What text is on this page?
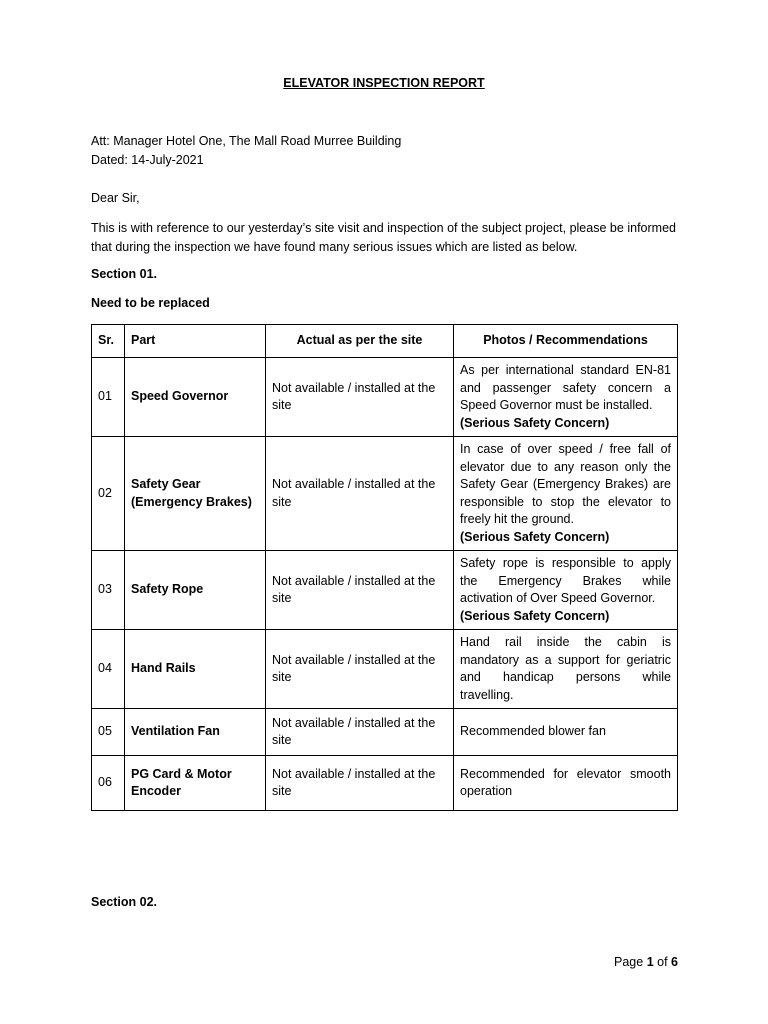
ELEVATOR INSPECTION REPORT
Att: Manager Hotel One, The Mall Road Murree Building
Dated: 14-July-2021
Dear Sir,
This is with reference to our yesterday’s site visit and inspection of the subject project, please be informed that during the inspection we have found many serious issues which are listed as below.
Section 01.
Need to be replaced
Sr.	Part	Actual as per the site	Photos / Recommendations
01	Speed Governor	Not available / installed at the site	As per international standard EN-81 and passenger safety concern a Speed Governor must be installed.
(Serious Safety Concern)

02	Safety Gear (Emergency Brakes)	Not available / installed at the site	In case of over speed / free fall of elevator due to any reason only the Safety Gear (Emergency Brakes) are responsible to stop the elevator to freely hit the ground.
(Serious Safety Concern)

03	Safety Rope	Not available / installed at the site	Safety rope is responsible to apply the Emergency Brakes while activation of Over Speed Governor.
(Serious Safety Concern)

04	Hand Rails	Not available / installed at the site	Hand rail inside the cabin is mandatory as a support for geriatric and handicap persons while travelling.
05	Ventilation Fan	Not available / installed at the site	Recommended blower fan
06	PG Card & Motor Encoder	Not available / installed at the site	Recommended for elevator smooth operation
Section 02.
Page 1 of 6
